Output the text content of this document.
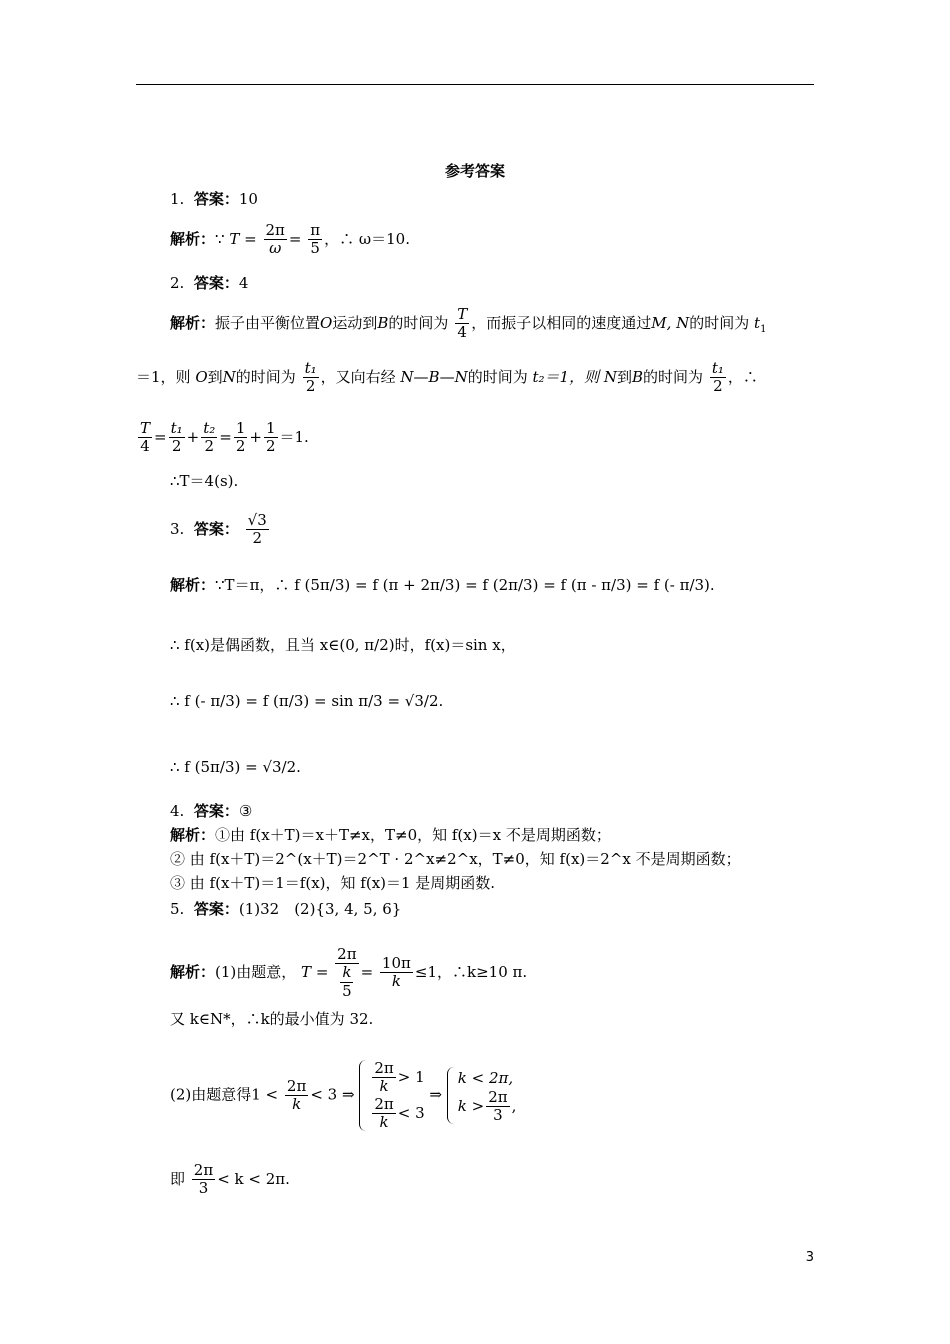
参考答案
1. 答案：10
解析：∵ $T = \frac{2\pi}{\omega} = \frac{\pi}{5}$ ，∴ ω＝10.
2. 答案：4
解析：振子由平衡位置O运动到B的时间为 $\frac{T}{4}$ ，而振子以相同的速度通过M, N的时间为 $t_1$
＝1，则 O到N的时间为 $\frac{\text{t₁}}{2}$ ，又向右经 N—B—N的时间为 t₂＝1，则 N到B的时间为 $\frac{\text{t₁}}{2}$ ，∴
$\frac{T}{4} = \frac{\text{t₁}}{2} + \frac{\text{t₂}}{2} = \frac{1}{2} + \frac{1}{2} =1$.
∴T＝4(s).
3. 答案： $\frac{√3}{2}$
解析：∵T＝π，∴ f (5π/3) = f (π + 2π/3) = f (2π/3) = f (π - π/3) = f (- π/3).
∴ f(x)是偶函数，且当 x∈(0, π/2)时，f(x)＝sin x，
∴ f (- π/3) = f (π/3) = sin π/3 = √3/2.
∴ f (5π/3) = √3/2.
4. 答案：③
解析：①由 f(x＋T)＝x＋T≠x，T≠0，知 f(x)＝x 不是周期函数；
② 由 f(x＋T)＝2^(x＋T)＝2^T · 2^x≠2^x，T≠0，知 f(x)＝2^x 不是周期函数；
③ 由 f(x＋T)＝1＝f(x)，知 f(x)＝1 是周期函数.
5. 答案：(1)32　(2){3, 4, 5, 6}
解析：(1)由题意， $T = \frac{2\pi}{\frac{k}{5}} = \frac{10\pi}{k} \le 1$，∴k≥10 π.
又 k∈N*，∴k的最小值为 32.
(2)由题意得$1 < \frac{2\pi}{k} < 3$ ⇒ $\frac{2\pi}{k} > 1$
$\frac{2\pi}{k} < 3$
⇒
k < 2π,
$k > \frac{2\pi}{3}$ ,
即 $\frac{2\pi}{3} < k < 2\pi$.
3
